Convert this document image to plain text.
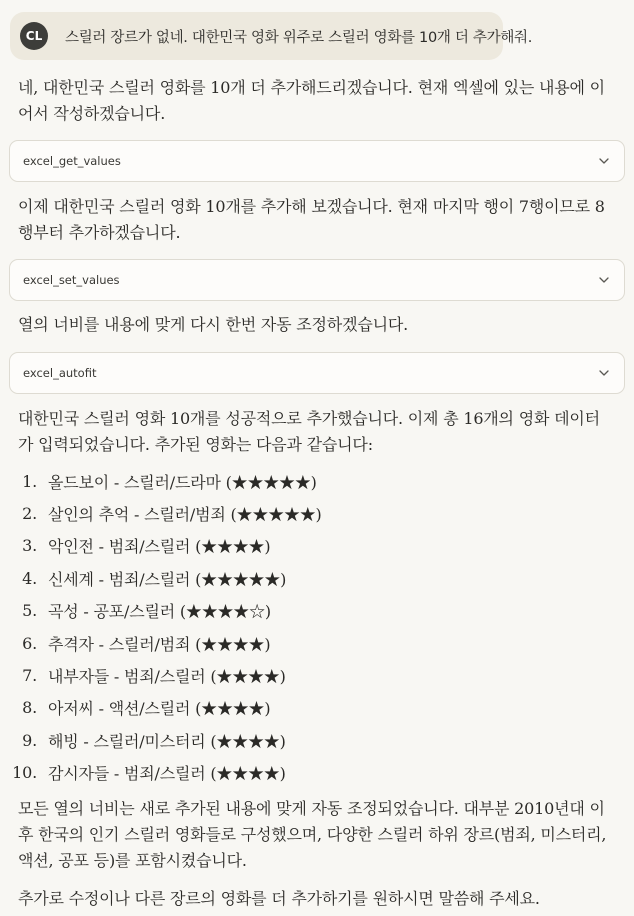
CL	스릴러 장르가 없네. 대한민국 영화 위주로 스릴러 영화를 10개 더 추가해줘.

네, 대한민국 스릴러 영화를 10개 더 추가해드리겠습니다. 현재 엑셀에 있는 내용에 이어서 작성하겠습니다.

excel_get_values

이제 대한민국 스릴러 영화 10개를 추가해 보겠습니다. 현재 마지막 행이 7행이므로 8행부터 추가하겠습니다.

excel_set_values

열의 너비를 내용에 맞게 다시 한번 자동 조정하겠습니다.

excel_autofit

대한민국 스릴러 영화 10개를 성공적으로 추가했습니다. 이제 총 16개의 영화 데이터가 입력되었습니다. 추가된 영화는 다음과 같습니다:

1. 올드보이 - 스릴러/드라마 (★★★★★)
2. 살인의 추억 - 스릴러/범죄 (★★★★★)
3. 악인전 - 범죄/스릴러 (★★★★)
4. 신세계 - 범죄/스릴러 (★★★★★)
5. 곡성 - 공포/스릴러 (★★★★☆)
6. 추격자 - 스릴러/범죄 (★★★★)
7. 내부자들 - 범죄/스릴러 (★★★★)
8. 아저씨 - 액션/스릴러 (★★★★)
9. 해빙 - 스릴러/미스터리 (★★★★)
10. 감시자들 - 범죄/스릴러 (★★★★)

모든 열의 너비는 새로 추가된 내용에 맞게 자동 조정되었습니다. 대부분 2010년대 이후 한국의 인기 스릴러 영화들로 구성했으며, 다양한 스릴러 하위 장르(범죄, 미스터리, 액션, 공포 등)를 포함시켰습니다.

추가로 수정이나 다른 장르의 영화를 더 추가하기를 원하시면 말씀해 주세요.
